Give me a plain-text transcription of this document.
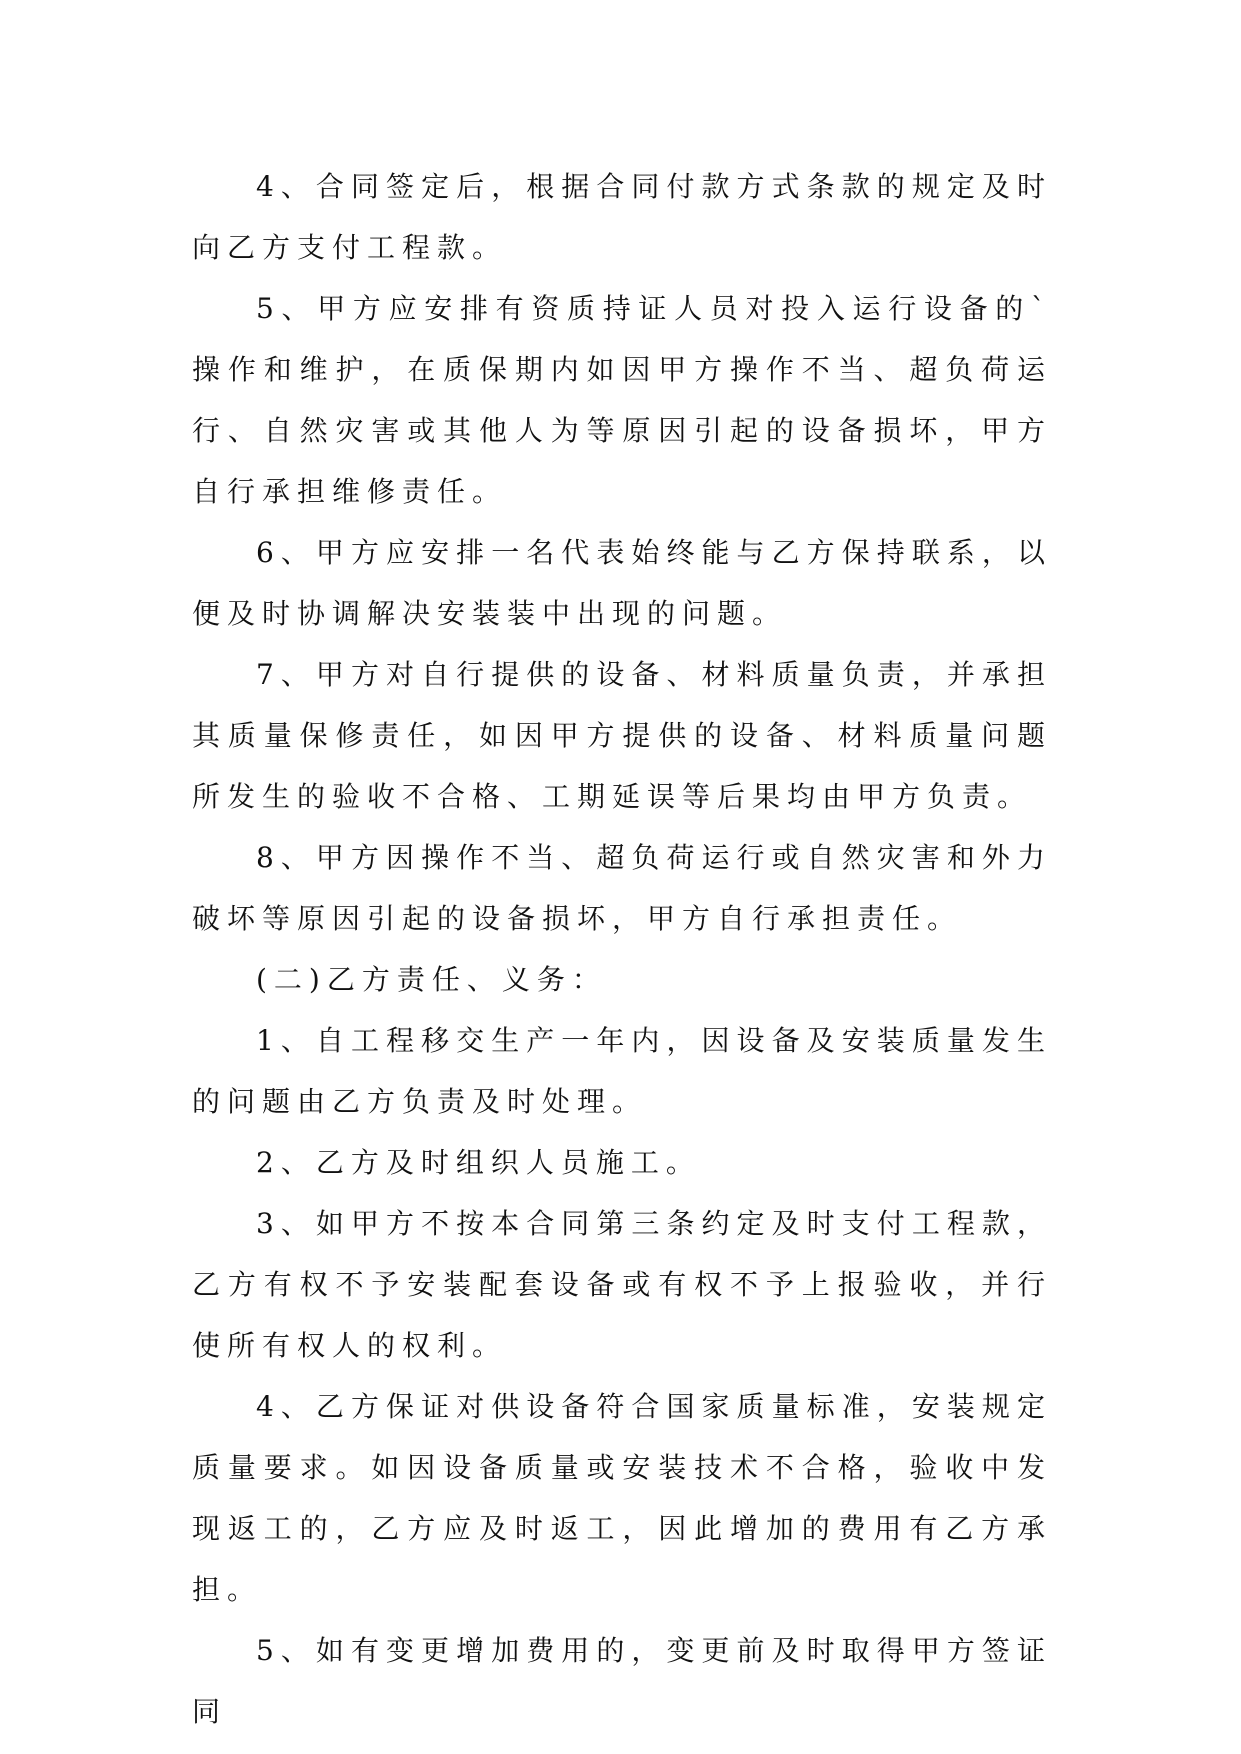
4、合同签定后，根据合同付款方式条款的规定及时向乙方支付工程款。

5、甲方应安排有资质持证人员对投入运行设备的`操作和维护，在质保期内如因甲方操作不当、超负荷运行、自然灾害或其他人为等原因引起的设备损坏，甲方自行承担维修责任。

6、甲方应安排一名代表始终能与乙方保持联系，以便及时协调解决安装装中出现的问题。

7、甲方对自行提供的设备、材料质量负责，并承担其质量保修责任，如因甲方提供的设备、材料质量问题所发生的验收不合格、工期延误等后果均由甲方负责。

8、甲方因操作不当、超负荷运行或自然灾害和外力破坏等原因引起的设备损坏，甲方自行承担责任。

(二)乙方责任、义务：

1、自工程移交生产一年内，因设备及安装质量发生的问题由乙方负责及时处理。

2、乙方及时组织人员施工。

3、如甲方不按本合同第三条约定及时支付工程款，乙方有权不予安装配套设备或有权不予上报验收，并行使所有权人的权利。

4、乙方保证对供设备符合国家质量标准，安装规定质量要求。如因设备质量或安装技术不合格，验收中发现返工的，乙方应及时返工，因此增加的费用有乙方承担。

5、如有变更增加费用的，变更前及时取得甲方签证同
